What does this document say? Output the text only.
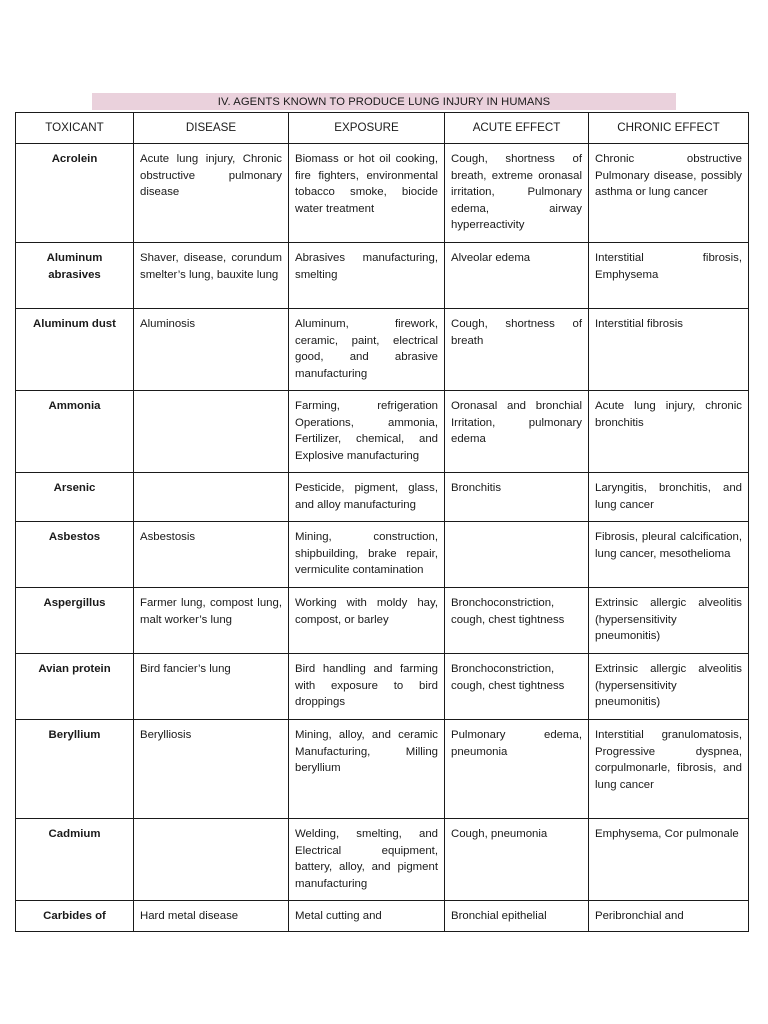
IV. AGENTS KNOWN TO PRODUCE LUNG INJURY IN HUMANS
TOXICANT	DISEASE	EXPOSURE	ACUTE EFFECT	CHRONIC EFFECT
Acrolein	Acute lung injury, Chronic obstructive pulmonary disease	Biomass or hot oil cooking, fire fighters, environmental tobacco smoke, biocide water treatment	Cough, shortness of breath, extreme oronasal irritation, Pulmonary edema, airway hyperreactivity	Chronic obstructive Pulmonary disease, possibly asthma or lung cancer
Aluminum abrasives	Shaver, disease, corundum smelter’s lung, bauxite lung	Abrasives manufacturing, smelting	Alveolar edema	Interstitial fibrosis, Emphysema
Aluminum dust	Aluminosis	Aluminum, firework, ceramic, paint, electrical good, and abrasive manufacturing	Cough, shortness of breath	Interstitial fibrosis
Ammonia		Farming, refrigeration Operations, ammonia, Fertilizer, chemical, and Explosive manufacturing	Oronasal and bronchial Irritation, pulmonary edema	Acute lung injury, chronic bronchitis
Arsenic		Pesticide, pigment, glass, and alloy manufacturing	Bronchitis	Laryngitis, bronchitis, and lung cancer
Asbestos	Asbestosis	Mining, construction, shipbuilding, brake repair, vermiculite contamination		Fibrosis, pleural calcification, lung cancer, mesothelioma
Aspergillus	Farmer lung, compost lung, malt worker’s lung	Working with moldy hay, compost, or barley	Bronchoconstriction, cough, chest tightness	Extrinsic allergic alveolitis (hypersensitivity pneumonitis)
Avian protein	Bird fancier’s lung	Bird handling and farming with exposure to bird droppings	Bronchoconstriction, cough, chest tightness	Extrinsic allergic alveolitis (hypersensitivity pneumonitis)
Beryllium	Berylliosis	Mining, alloy, and ceramic Manufacturing, Milling beryllium	Pulmonary edema, pneumonia	Interstitial granulomatosis, Progressive dyspnea, corpulmonarle, fibrosis, and lung cancer
Cadmium		Welding, smelting, and Electrical equipment, battery, alloy, and pigment manufacturing	Cough, pneumonia	Emphysema, Cor pulmonale
Carbides of	Hard metal disease	Metal cutting and	Bronchial epithelial	Peribronchial and
